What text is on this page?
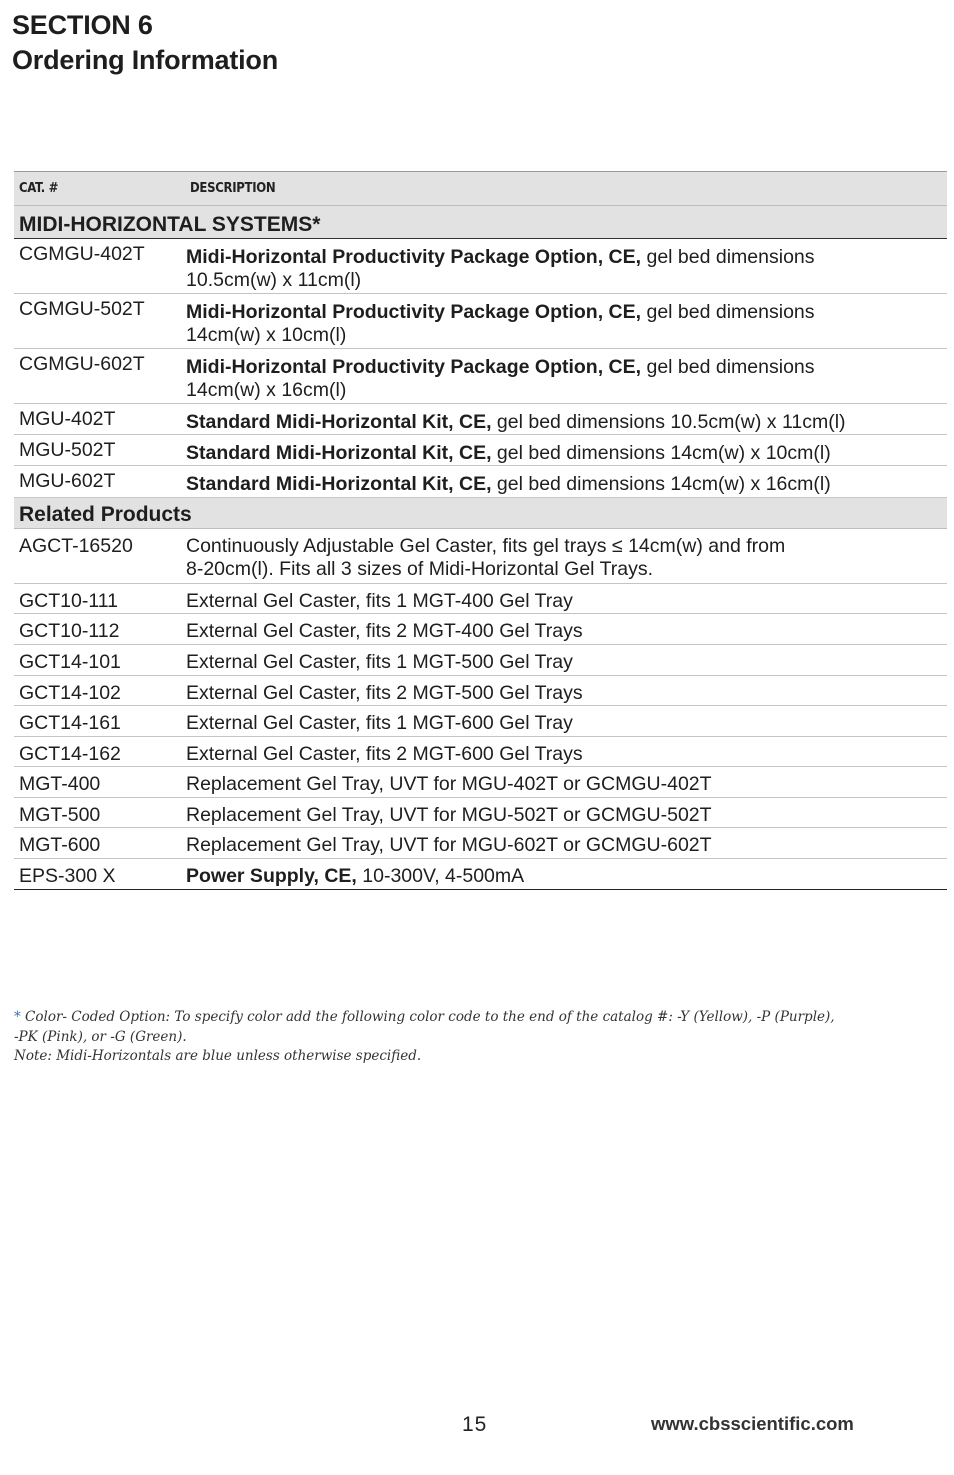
SECTION 6
Ordering Information
CAT. #	DESCRIPTION
MIDI-HORIZONTAL SYSTEMS*
CGMGU-402T Midi-Horizontal Productivity Package Option, CE, gel bed dimensions
10.5cm(w) x 11cm(l)
CGMGU-502T Midi-Horizontal Productivity Package Option, CE, gel bed dimensions
14cm(w) x 10cm(l)
CGMGU-602T Midi-Horizontal Productivity Package Option, CE, gel bed dimensions
14cm(w) x 16cm(l)
MGU-402T	Standard Midi-Horizontal Kit, CE, gel bed dimensions 10.5cm(w) x 11cm(l)
MGU-502T	Standard Midi-Horizontal Kit, CE, gel bed dimensions 14cm(w) x 10cm(l)
MGU-602T	Standard Midi-Horizontal Kit, CE, gel bed dimensions 14cm(w) x 16cm(l)
Related Products
AGCT-16520	Continuously Adjustable Gel Caster, fits gel trays ≤ 14cm(w) and from
8-20cm(l). Fits all 3 sizes of Midi-Horizontal Gel Trays.
GCT10-111	External Gel Caster, fits 1 MGT-400 Gel Tray
GCT10-112	External Gel Caster, fits 2 MGT-400 Gel Trays
GCT14-101	External Gel Caster, fits 1 MGT-500 Gel Tray
GCT14-102	External Gel Caster, fits 2 MGT-500 Gel Trays
GCT14-161	External Gel Caster, fits 1 MGT-600 Gel Tray
GCT14-162	External Gel Caster, fits 2 MGT-600 Gel Trays
MGT-400	Replacement Gel Tray, UVT for MGU-402T or GCMGU-402T
MGT-500	Replacement Gel Tray, UVT for MGU-502T or GCMGU-502T
MGT-600	Replacement Gel Tray, UVT for MGU-602T or GCMGU-602T
EPS-300 X	Power Supply, CE, 10-300V, 4-500mA
* Color- Coded Option: To specify color add the following color code to the end of the catalog #: -Y (Yellow), -P (Purple),
-PK (Pink), or -G (Green).
Note: Midi-Horizontals are blue unless otherwise specified.
15	www.cbsscientific.com
